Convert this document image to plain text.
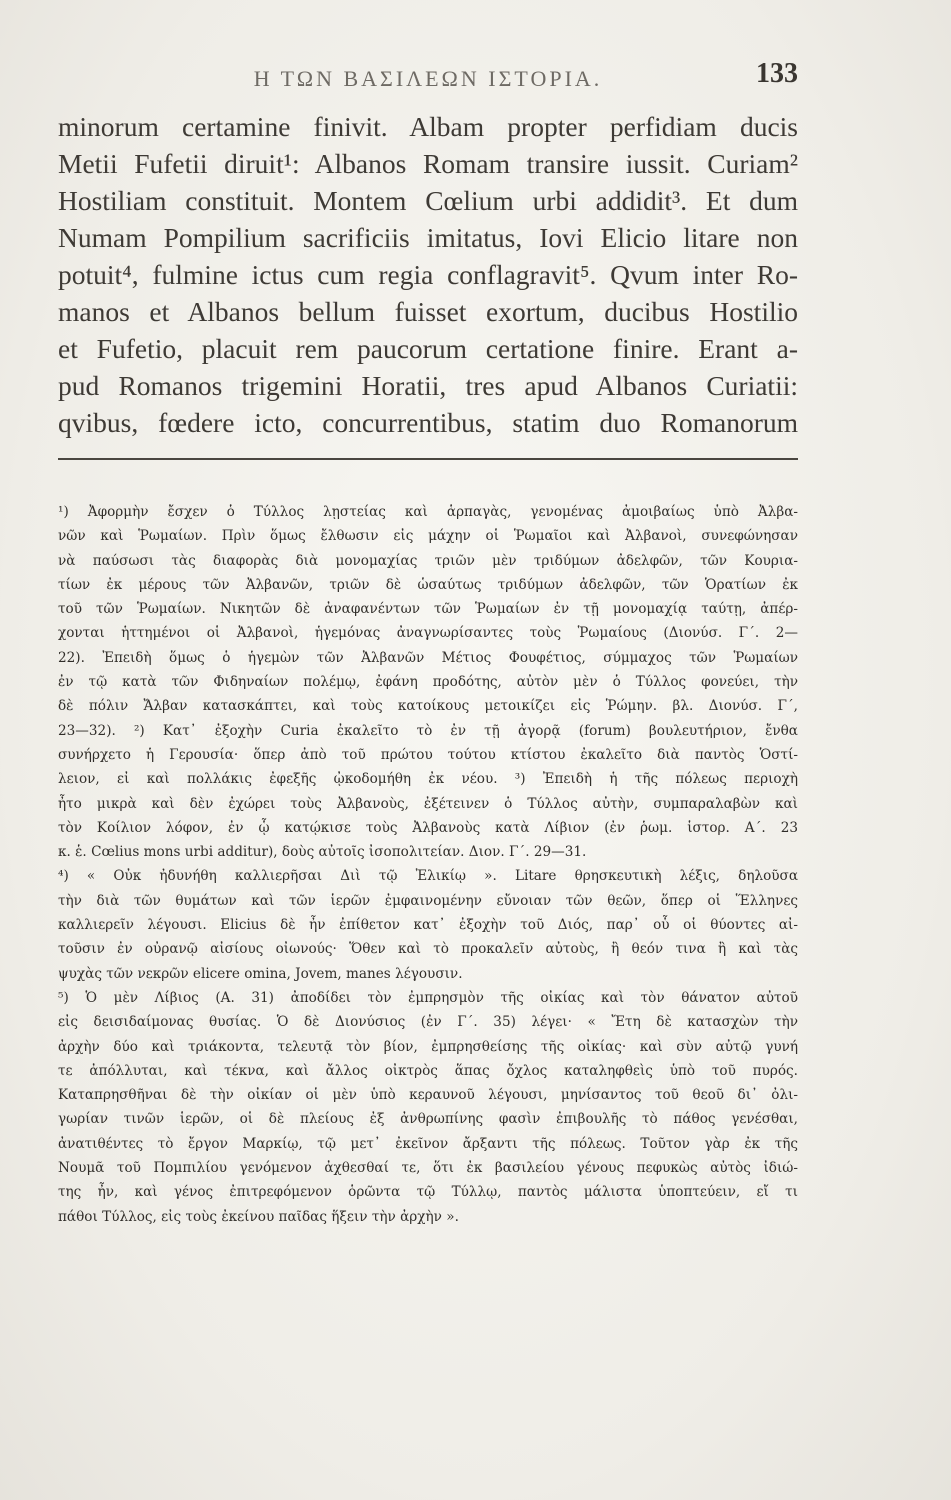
Η ΤΩΝ ΒΑΣΙΛΕΩΝ ΙΣΤΟΡΙΑ.	133
minorum certamine finivit. Albam propter perfidiam ducis
Metii Fufetii diruit¹: Albanos Romam transire iussit. Curiam²
Hostiliam constituit. Montem Cœlium urbi addidit³. Et dum
Numam Pompilium sacrificiis imitatus, Iovi Elicio litare non
potuit⁴, fulmine ictus cum regia conflagravit⁵. Qvum inter Ro-
manos et Albanos bellum fuisset exortum, ducibus Hostilio
et Fufetio, placuit rem paucorum certatione finire. Erant a-
pud Romanos trigemini Horatii, tres apud Albanos Curiatii:
qvibus, fœdere icto, concurrentibus, statim duo Romanorum
¹) Ἀφορμὴν ἔσχεν ὁ Τύλλος λῃστείας καὶ ἁρπαγὰς, γενομένας ἀμοιβαίως ὑπὸ Ἀλβα-
νῶν καὶ Ῥωμαίων. Πρὶν ὅμως ἔλθωσιν εἰς μάχην οἱ Ῥωμαῖοι καὶ Ἀλβανοὶ, συνεφώνησαν
νὰ παύσωσι τὰς διαφορὰς διὰ μονομαχίας τριῶν μὲν τριδύμων ἀδελφῶν, τῶν Κουρια-
τίων ἐκ μέρους τῶν Ἀλβανῶν, τριῶν δὲ ὡσαύτως τριδύμων ἀδελφῶν, τῶν Ὁρατίων ἐκ
τοῦ τῶν Ῥωμαίων. Νικητῶν δὲ ἀναφανέντων τῶν Ῥωμαίων ἐν τῇ μονομαχίᾳ ταύτῃ, ἀπέρ-
χονται ἡττημένοι οἱ Ἀλβανοὶ, ἡγεμόνας ἀναγνωρίσαντες τοὺς Ῥωμαίους (Διονύσ. Γ΄. 2—
22). Ἐπειδὴ ὅμως ὁ ἡγεμὼν τῶν Ἀλβανῶν Μέτιος Φουφέτιος, σύμμαχος τῶν Ῥωμαίων
ἐν τῷ κατὰ τῶν Φιδηναίων πολέμῳ, ἐφάνη προδότης, αὐτὸν μὲν ὁ Τύλλος φονεύει, τὴν
δὲ πόλιν Ἄλβαν κατασκάπτει, καὶ τοὺς κατοίκους μετοικίζει εἰς Ῥώμην. βλ. Διονύσ. Γ΄,
23—32). ²) Κατ᾽ ἐξοχὴν Curia ἐκαλεῖτο τὸ ἐν τῇ ἀγορᾷ (forum) βουλευτήριον, ἔνθα
συνήρχετο ἡ Γερουσία· ὅπερ ἀπὸ τοῦ πρώτου τούτου κτίστου ἐκαλεῖτο διὰ παντὸς Ὁστί-
λειον, εἰ καὶ πολλάκις ἐφεξῆς ᾠκοδομήθη ἐκ νέου. ³) Ἐπειδὴ ἡ τῆς πόλεως περιοχὴ
ἦτο μικρὰ καὶ δὲν ἐχώρει τοὺς Ἀλβανοὺς, ἐξέτεινεν ὁ Τύλλος αὐτὴν, συμπαραλαβὼν καὶ
τὸν Κοίλιον λόφον, ἐν ᾧ κατῴκισε τοὺς Ἀλβανοὺς κατὰ Λίβιον (ἐν ῥωμ. ἱστορ. Α΄. 23
κ. ἑ. Cœlius mons urbi additur), δοὺς αὐτοῖς ἰσοπολιτείαν. Διον. Γ΄. 29—31.
⁴) « Οὐκ ἠδυνήθη καλλιερῆσαι Διὶ τῷ Ἐλικίῳ ». Litare θρησκευτικὴ λέξις, δηλοῦσα
τὴν διὰ τῶν θυμάτων καὶ τῶν ἱερῶν ἐμφαινομένην εὔνοιαν τῶν θεῶν, ὅπερ οἱ Ἕλληνες
καλλιερεῖν λέγουσι. Elicius δὲ ἦν ἐπίθετον κατ᾽ ἐξοχὴν τοῦ Διός, παρ᾽ οὗ οἱ θύοντες αἰ-
τοῦσιν ἐν οὐρανῷ αἰσίους οἰωνούς· Ὅθεν καὶ τὸ προκαλεῖν αὐτοὺς, ἢ θεόν τινα ἢ καὶ τὰς
ψυχὰς τῶν νεκρῶν elicere omina, Jovem, manes λέγουσιν.
⁵) Ὁ μὲν Λίβιος (Α. 31) ἀποδίδει τὸν ἐμπρησμὸν τῆς οἰκίας καὶ τὸν θάνατον αὐτοῦ
εἰς δεισιδαίμονας θυσίας. Ὁ δὲ Διονύσιος (ἐν Γ΄. 35) λέγει· « Ἔτη δὲ κατασχὼν τὴν
ἀρχὴν δύο καὶ τριάκοντα, τελευτᾷ τὸν βίον, ἐμπρησθείσης τῆς οἰκίας· καὶ σὺν αὐτῷ γυνή
τε ἀπόλλυται, καὶ τέκνα, καὶ ἄλλος οἰκτρὸς ἅπας ὄχλος καταληφθεὶς ὑπὸ τοῦ πυρός.
Καταπρησθῆναι δὲ τὴν οἰκίαν οἱ μὲν ὑπὸ κεραυνοῦ λέγουσι, μηνίσαντος τοῦ θεοῦ δι᾽ ὀλι-
γωρίαν τινῶν ἱερῶν, οἱ δὲ πλείους ἐξ ἀνθρωπίνης φασὶν ἐπιβουλῆς τὸ πάθος γενέσθαι,
ἀνατιθέντες τὸ ἔργον Μαρκίῳ, τῷ μετ᾽ ἐκεῖνον ἄρξαντι τῆς πόλεως. Τοῦτον γὰρ ἐκ τῆς
Νουμᾶ τοῦ Πομπιλίου γενόμενον ἀχθεσθαί τε, ὅτι ἐκ βασιλείου γένους πεφυκὼς αὐτὸς ἰδιώ-
της ἦν, καὶ γένος ἐπιτρεφόμενον ὁρῶντα τῷ Τύλλῳ, παντὸς μάλιστα ὑποπτεύειν, εἴ τι
πάθοι Τύλλος, εἰς τοὺς ἐκείνου παῖδας ἥξειν τὴν ἀρχὴν ».
